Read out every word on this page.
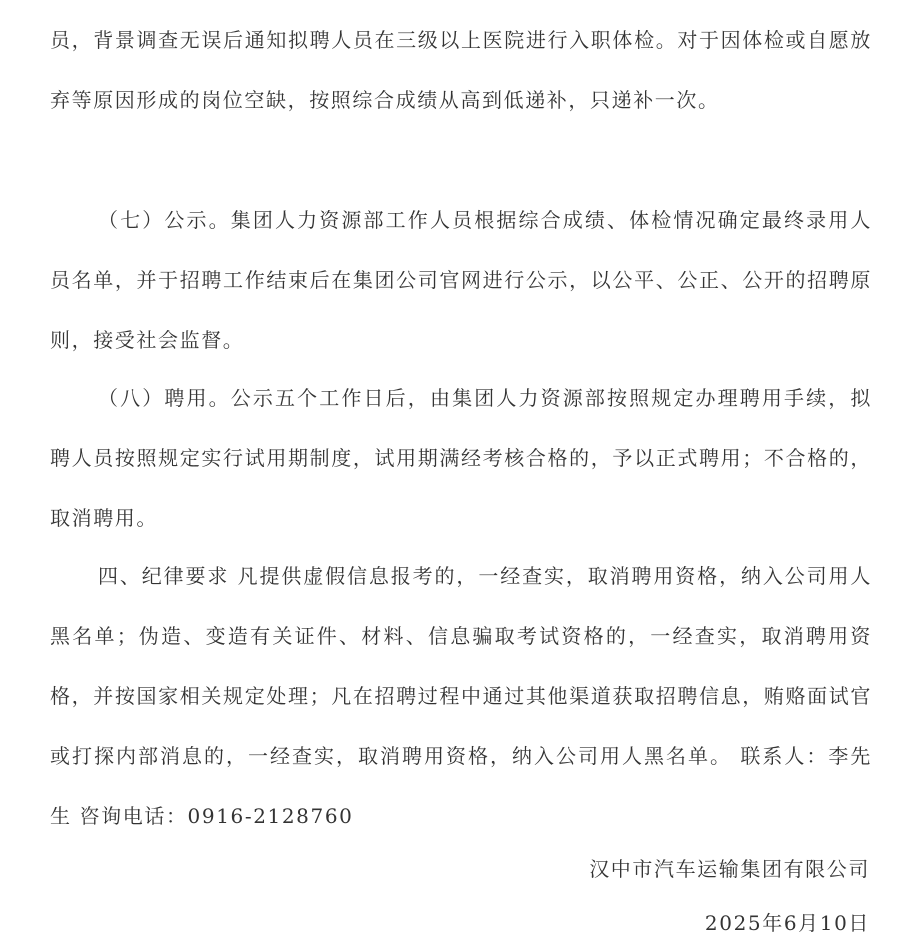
员，背景调查无误后通知拟聘人员在三级以上医院进行入职体检。对于因体检或自愿放弃等原因形成的岗位空缺，按照综合成绩从高到低递补，只递补一次。

（七）公示。集团人力资源部工作人员根据综合成绩、体检情况确定最终录用人员名单，并于招聘工作结束后在集团公司官网进行公示，以公平、公正、公开的招聘原则，接受社会监督。

（八）聘用。公示五个工作日后，由集团人力资源部按照规定办理聘用手续，拟聘人员按照规定实行试用期制度，试用期满经考核合格的，予以正式聘用；不合格的，取消聘用。

四、纪律要求 凡提供虚假信息报考的，一经查实，取消聘用资格，纳入公司用人黑名单；伪造、变造有关证件、材料、信息骗取考试资格的，一经查实，取消聘用资格，并按国家相关规定处理；凡在招聘过程中通过其他渠道获取招聘信息，贿赂面试官或打探内部消息的，一经查实，取消聘用资格，纳入公司用人黑名单。 联系人：李先生 咨询电话：0916-2128760

汉中市汽车运输集团有限公司
2025年6月10日
